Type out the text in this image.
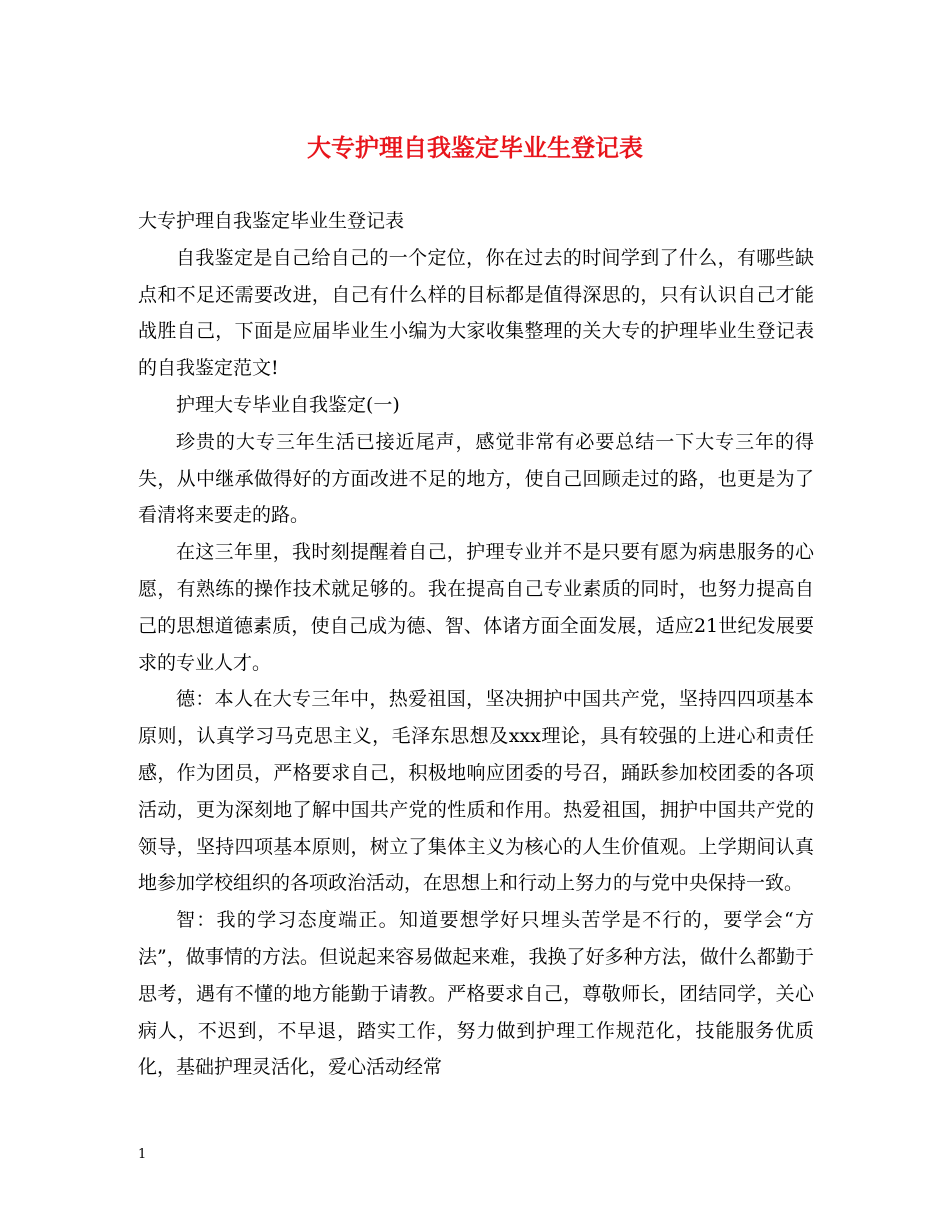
大专护理自我鉴定毕业生登记表

大专护理自我鉴定毕业生登记表

自我鉴定是自己给自己的一个定位，你在过去的时间学到了什么，有哪些缺点和不足还需要改进，自己有什么样的目标都是值得深思的，只有认识自己才能战胜自己，下面是应届毕业生小编为大家收集整理的关大专的护理毕业生登记表的自我鉴定范文!

护理大专毕业自我鉴定(一)

珍贵的大专三年生活已接近尾声，感觉非常有必要总结一下大专三年的得失，从中继承做得好的方面改进不足的地方，使自己回顾走过的路，也更是为了看清将来要走的路。

在这三年里，我时刻提醒着自己，护理专业并不是只要有愿为病患服务的心愿，有熟练的操作技术就足够的。我在提高自己专业素质的同时，也努力提高自己的思想道德素质，使自己成为德、智、体诸方面全面发展，适应21世纪发展要求的专业人才。

德：本人在大专三年中，热爱祖国，坚决拥护中国共产党，坚持四四项基本原则，认真学习马克思主义，毛泽东思想及xxx理论，具有较强的上进心和责任感，作为团员，严格要求自己，积极地响应团委的号召，踊跃参加校团委的各项活动，更为深刻地了解中国共产党的性质和作用。热爱祖国，拥护中国共产党的领导，坚持四项基本原则，树立了集体主义为核心的人生价值观。上学期间认真地参加学校组织的各项政治活动，在思想上和行动上努力的与党中央保持一致。

智：我的学习态度端正。知道要想学好只埋头苦学是不行的，要学会“方法”，做事情的方法。但说起来容易做起来难，我换了好多种方法，做什么都勤于思考，遇有不懂的地方能勤于请教。严格要求自己，尊敬师长，团结同学，关心病人，不迟到，不早退，踏实工作，努力做到护理工作规范化，技能服务优质化，基础护理灵活化，爱心活动经常

1
